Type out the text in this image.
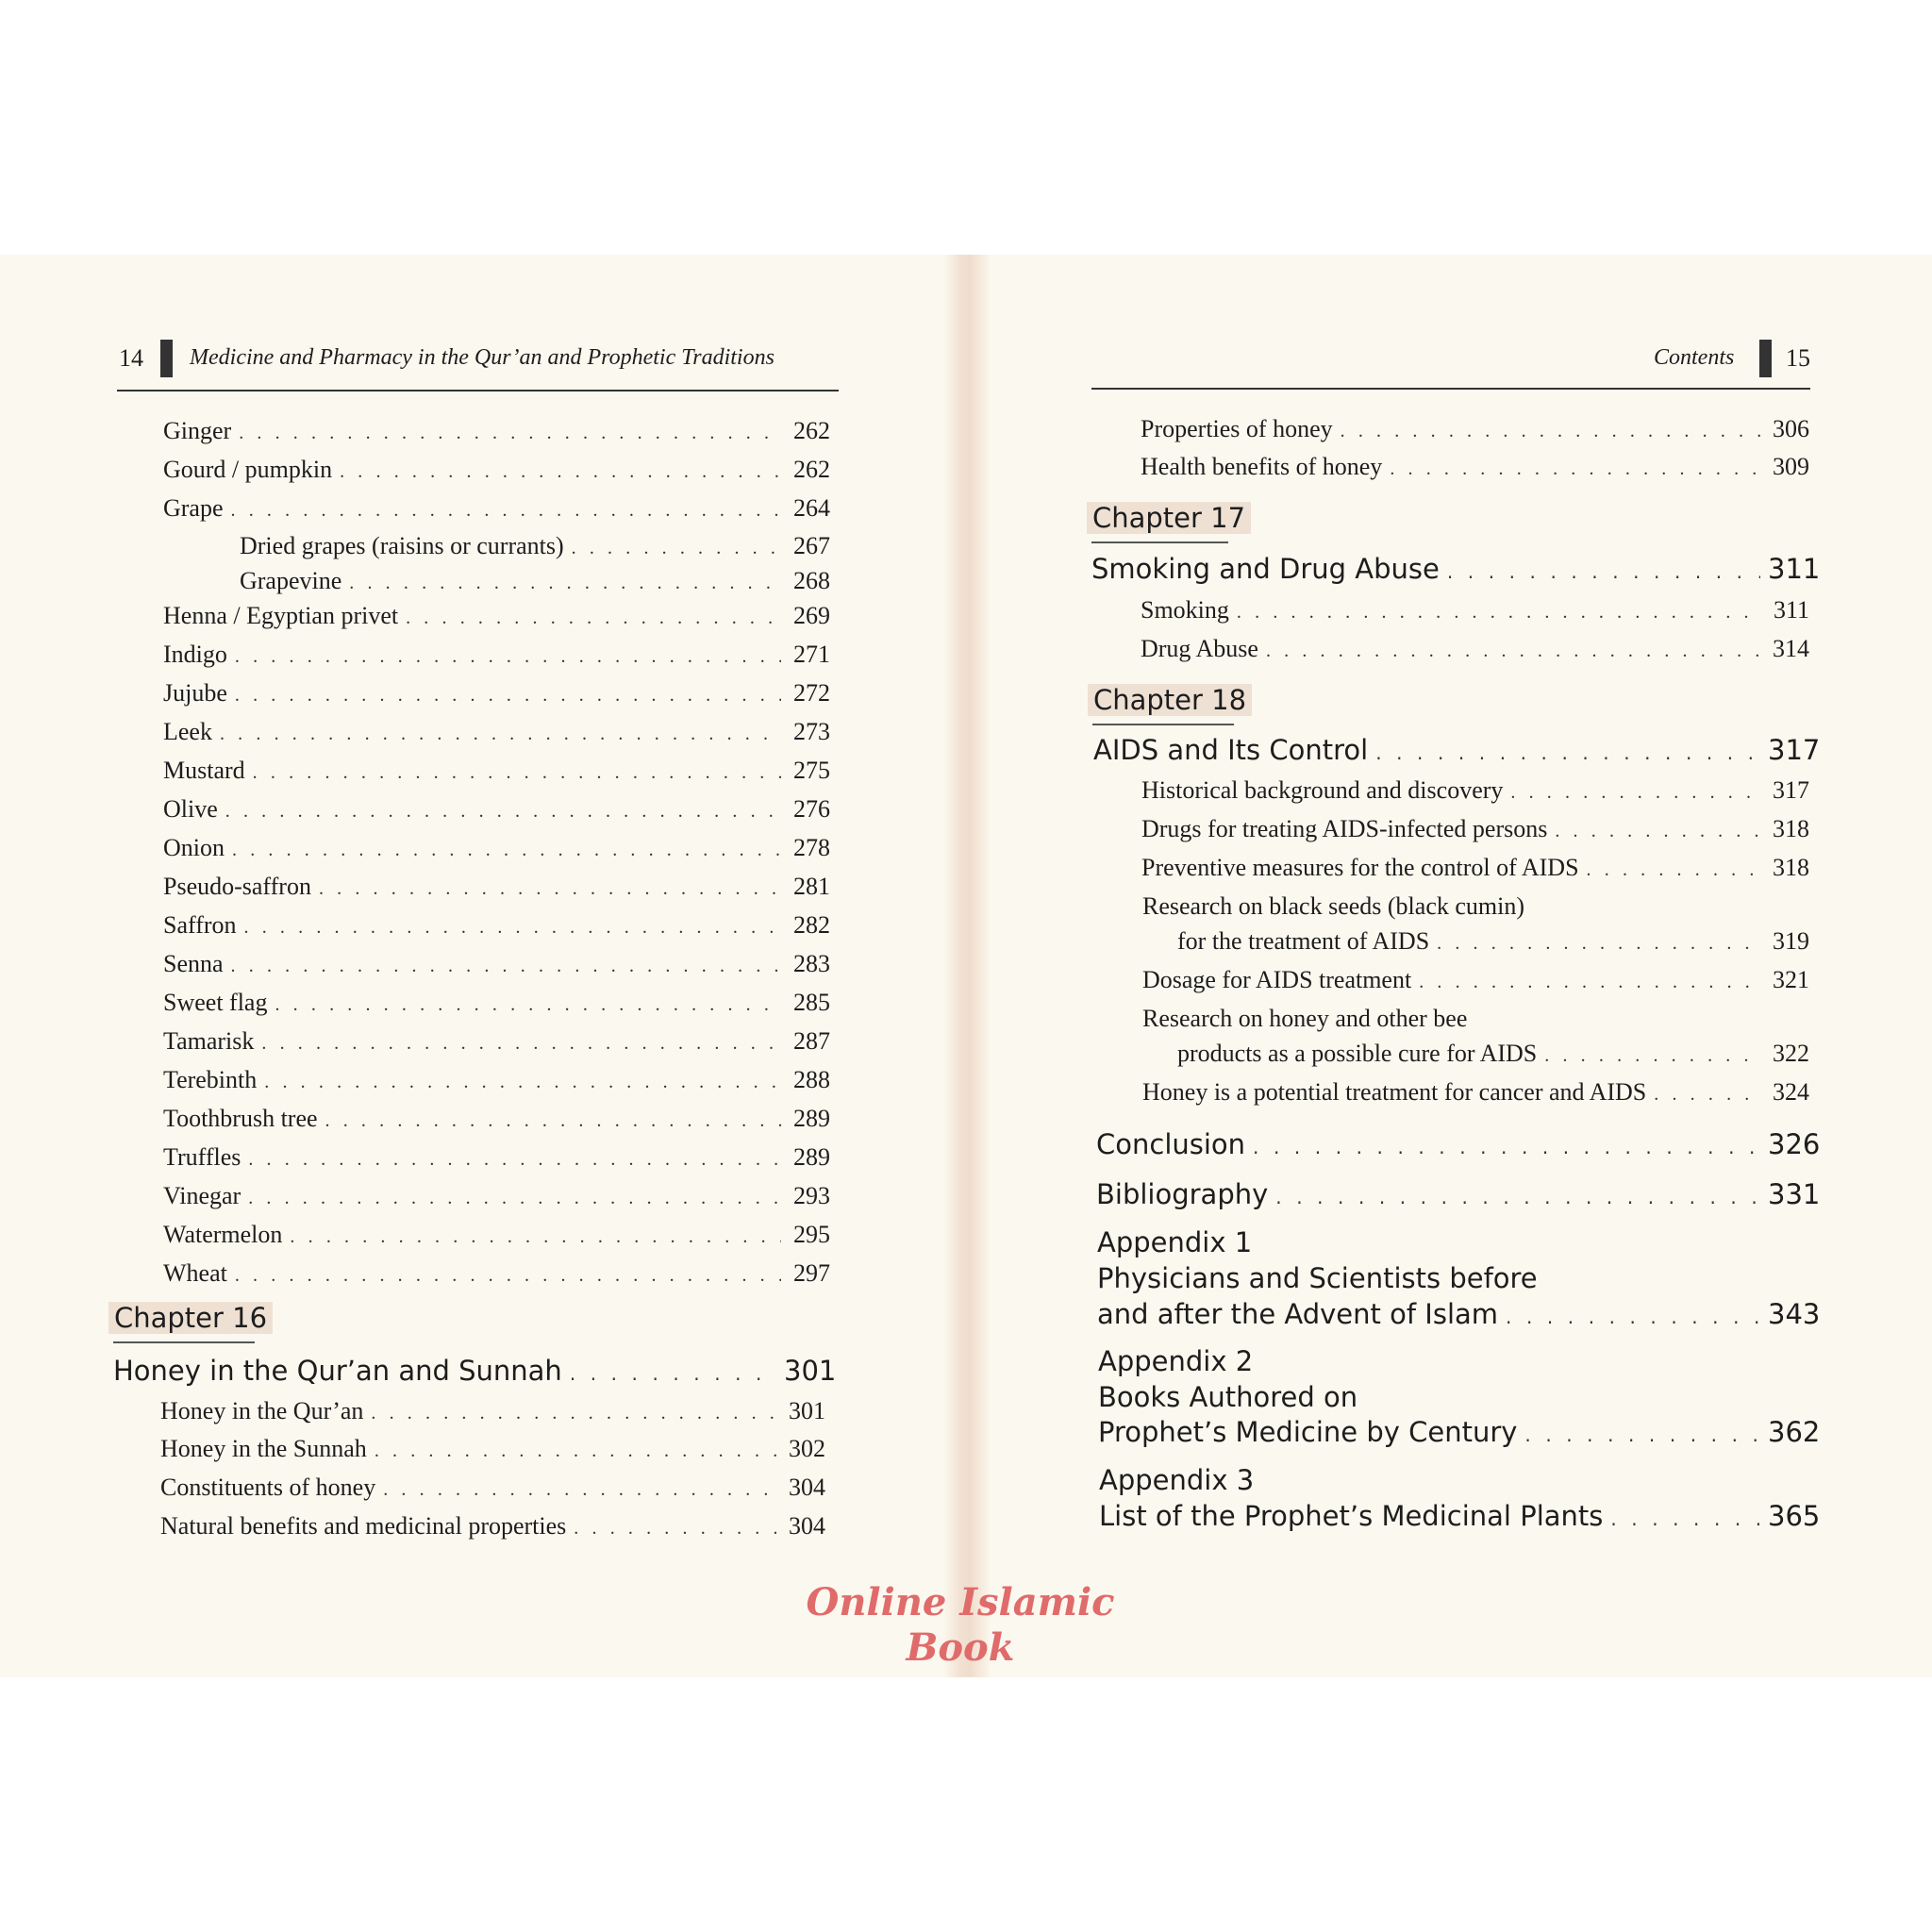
14 Medicine and Pharmacy in the Qur’an and Prophetic Traditions
Ginger . . .	262
Gourd / pumpkin . . .	262
Grape . . .	264
Dried grapes (raisins or currants) . . .	267
Grapevine . . .	268
Henna / Egyptian privet . . .	269
Indigo . . .	271
Jujube . . .	272
Leek . . .	273
Mustard . . .	275
Olive . . .	276
Onion . . .	278
Pseudo-saffron . . .	281
Saffron . . .	282
Senna . . .	283
Sweet flag . . .	285
Tamarisk . . .	287
Terebinth . . .	288
Toothbrush tree . . .	289
Truffles . . .	289
Vinegar . . .	293
Watermelon . . .	295
Wheat . . .	297
Chapter 16
Honey in the Qur’an and Sunnah . . .	301
Honey in the Qur’an . . .	301
Honey in the Sunnah . . .	302
Constituents of honey . . .	304
Natural benefits and medicinal properties . . .	304
Contents 15
Properties of honey . . .	306
Health benefits of honey . . .	309
Chapter 17
Smoking and Drug Abuse . . .	311
Smoking . . .	311
Drug Abuse . . .	314
Chapter 18
AIDS and Its Control . . .	317
Historical background and discovery . . .	317
Drugs for treating AIDS-infected persons . . .	318
Preventive measures for the control of AIDS . . .	318
Research on black seeds (black cumin)
for the treatment of AIDS . . .	319
Dosage for AIDS treatment . . .	321
Research on honey and other bee
products as a possible cure for AIDS . . .	322
Honey is a potential treatment for cancer and AIDS . . .	324
Conclusion . . .	326
Bibliography . . .	331
Appendix 1
Physicians and Scientists before
and after the Advent of Islam . . .	343
Appendix 2
Books Authored on
Prophet’s Medicine by Century . . .	362
Appendix 3
List of the Prophet’s Medicinal Plants . . .	365
Online Islamic
Book
